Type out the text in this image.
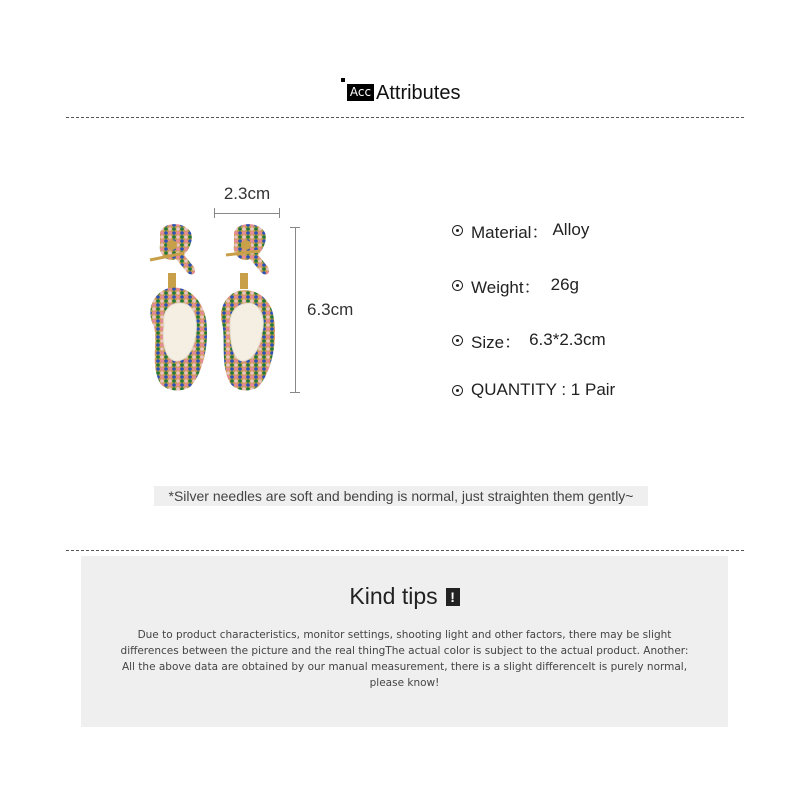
Acc Attributes
2.3cm
6.3cm
Material： Alloy
Weight： 26g
Size： 6.3*2.3cm
QUANTITY : 1 Pair
*Silver needles are soft and bending is normal, just straighten them gently~
Kind tips !
Due to product characteristics, monitor settings, shooting light and other factors, there may be slight differences between the picture and the real thingThe actual color is subject to the actual product. Another: All the above data are obtained by our manual measurement, there is a slight differenceIt is purely normal, please know!
